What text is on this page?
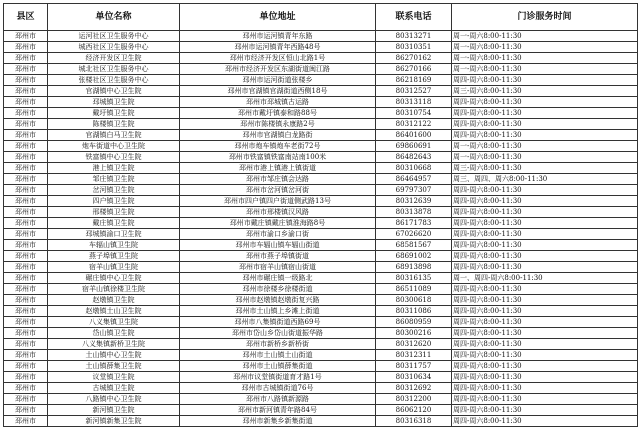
县区	单位名称	单位地址	联系电话	门诊服务时间
邳州市	运河社区卫生服务中心	邳州市运河镇青年东路	80313271	周一-周六8:00-11:30
邳州市	城西社区卫生服务中心	邳州市运河镇青年西路48号	80310351	周一-周六8:00-11:30
邳州市	经济开发区卫生院	邳州市经济开发区恒山北路1号	86270162	周一-周六8:00-11:30
邳州市	城北社区卫生服务中心	邳州市经济开发区东湖街道闽江路	86270166	周一-周六8:00-11:30
邳州市	张楼社区卫生服务中心	邳州市运河街道张楼乡	86218169	周四-周六8:00-11:30
邳州市	官湖镇中心卫生院	邳州市官湖镇官湖街道西侧18号	80312527	周三-周六8:00-11:30
邳州市	邳城镇卫生院	邳州市邳城镇古运路	80313118	周四-周六8:00-11:30
邳州市	戴圩镇卫生院	邳州市戴圩镇泰和路88号	80310754	周四-周六8:00-11:30
邳州市	陈楼镇卫生院	邳州市陈楼镇永康路2号	80312122	周四-周六8:00-11:30
邳州市	官湖镇白马卫生院	邳州市官湖镇白龙路街	86401600	周四-周六8:00-11:30
邳州市	炮车街道中心卫生院	邳州市炮车镇炮车老街72号	69860691	周一-周六8:00-11:30
邳州市	铁富镇中心卫生院	邳州市铁富镇铁富南站南100米	86482643	周一-周六8:00-11:30
邳州市	港上镇卫生院	邳州市港上镇港上镇街道	80310668	周三-周六8:00-11:30
邳州市	邹庄镇卫生院	邳州市邹庄镇会达路	86464957	周三、周四、周六8:00-11:30
邳州市	岔河镇卫生院	邳州市岔河镇岔河街	69797307	周四-周六8:00-11:30
邳州市	四户镇卫生院	邳州市四户镇四户街道侧武路13号	80312639	周四-周六8:00-11:30
邳州市	邢楼镇卫生院	邳州市邢楼镇汉风路	80313878	周四-周六8:00-11:30
邳州市	戴庄镇卫生院	邳州市戴庄镇戴庄镇淮海路8号	86171783	周四-周六8:00-11:30
邳州市	邳城镇渝口卫生院	邳州市渝口乡渝口街	67026620	周四-周六8:00-11:30
邳州市	车辐山镇卫生院	邳州市车辐山镇车辐山街道	68581567	周四-周六8:00-11:30
邳州市	燕子埠镇卫生院	邳州市燕子埠镇街道	68691002	周四-周六8:00-11:30
邳州市	宿羊山镇卫生院	邳州市宿羊山镇宿山街道	68913898	周四-周六8:00-11:30
邳州市	碾庄镇中心卫生院	邳州市碾庄镇一级路北	80316135	周一、周四-周六8:00-11:30
邳州市	宿羊山镇徐楼卫生院	邳州市徐楼乡徐楼街道	86511089	周四-周六8:00-11:30
邳州市	赵墩镇卫生院	邳州市赵墩镇赵墩街复兴路	80300618	周四-周六8:00-11:30
邳州市	赵墩镇土山卫生院	邳州市土山镇上乡滩上街道	80311086	周四-周六8:00-11:30
邳州市	八义集镇卫生院	邳州市八集镇街道西路69号	86080959	周四-周六8:00-11:30
邳州市	岱山镇卫生院	邳州市岱山乡岱山街道振华路	80300216	周四-周六8:00-11:30
邳州市	八义集镇新桥卫生院	邳州市新桥乡新桥街	80312620	周四-周六8:00-11:30
邳州市	土山镇中心卫生院	邳州市土山镇土山街道	80312311	周四-周六8:00-11:30
邳州市	土山镇薛集卫生院	邳州市土山镇薛集街道	80311757	周四-周六8:00-11:30
邳州市	议堂镇卫生院	邳州市议堂镇街道育才路1号	80310634	周四-周六8:00-11:30
邳州市	古城镇卫生院	邳州市古城镇街道76号	80312692	周四-周六8:00-11:30
邳州市	八路镇中心卫生院	邳州市八路镇新源路	80312200	周四-周六8:00-11:30
邳州市	新河镇卫生院	邳州市新河镇青年路84号	86062120	周四-周六8:00-11:30
邳州市	新河镇新集卫生院	邳州市新集乡新集街道	80316318	周四-周六8:00-11:30
